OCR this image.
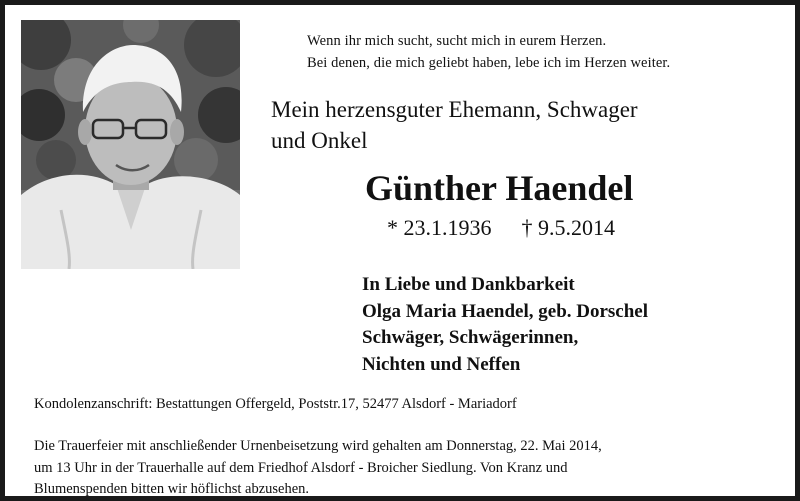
Wenn ihr mich sucht, sucht mich in eurem Herzen.
Bei denen, die mich geliebt haben, lebe ich im Herzen weiter.
Mein herzensguter Ehemann, Schwager
und Onkel
Günther Haendel
* 23.1.1936 † 9.5.2014
In Liebe und Dankbarkeit
Olga Maria Haendel, geb. Dorschel
Schwäger, Schwägerinnen,
Nichten und Neffen
Kondolenzanschrift: Bestattungen Offergeld, Poststr.17, 52477 Alsdorf - Mariadorf
Die Trauerfeier mit anschließender Urnenbeisetzung wird gehalten am Donnerstag, 22. Mai 2014,
um 13 Uhr in der Trauerhalle auf dem Friedhof Alsdorf - Broicher Siedlung. Von Kranz und
Blumenspenden bitten wir höflichst abzusehen.
